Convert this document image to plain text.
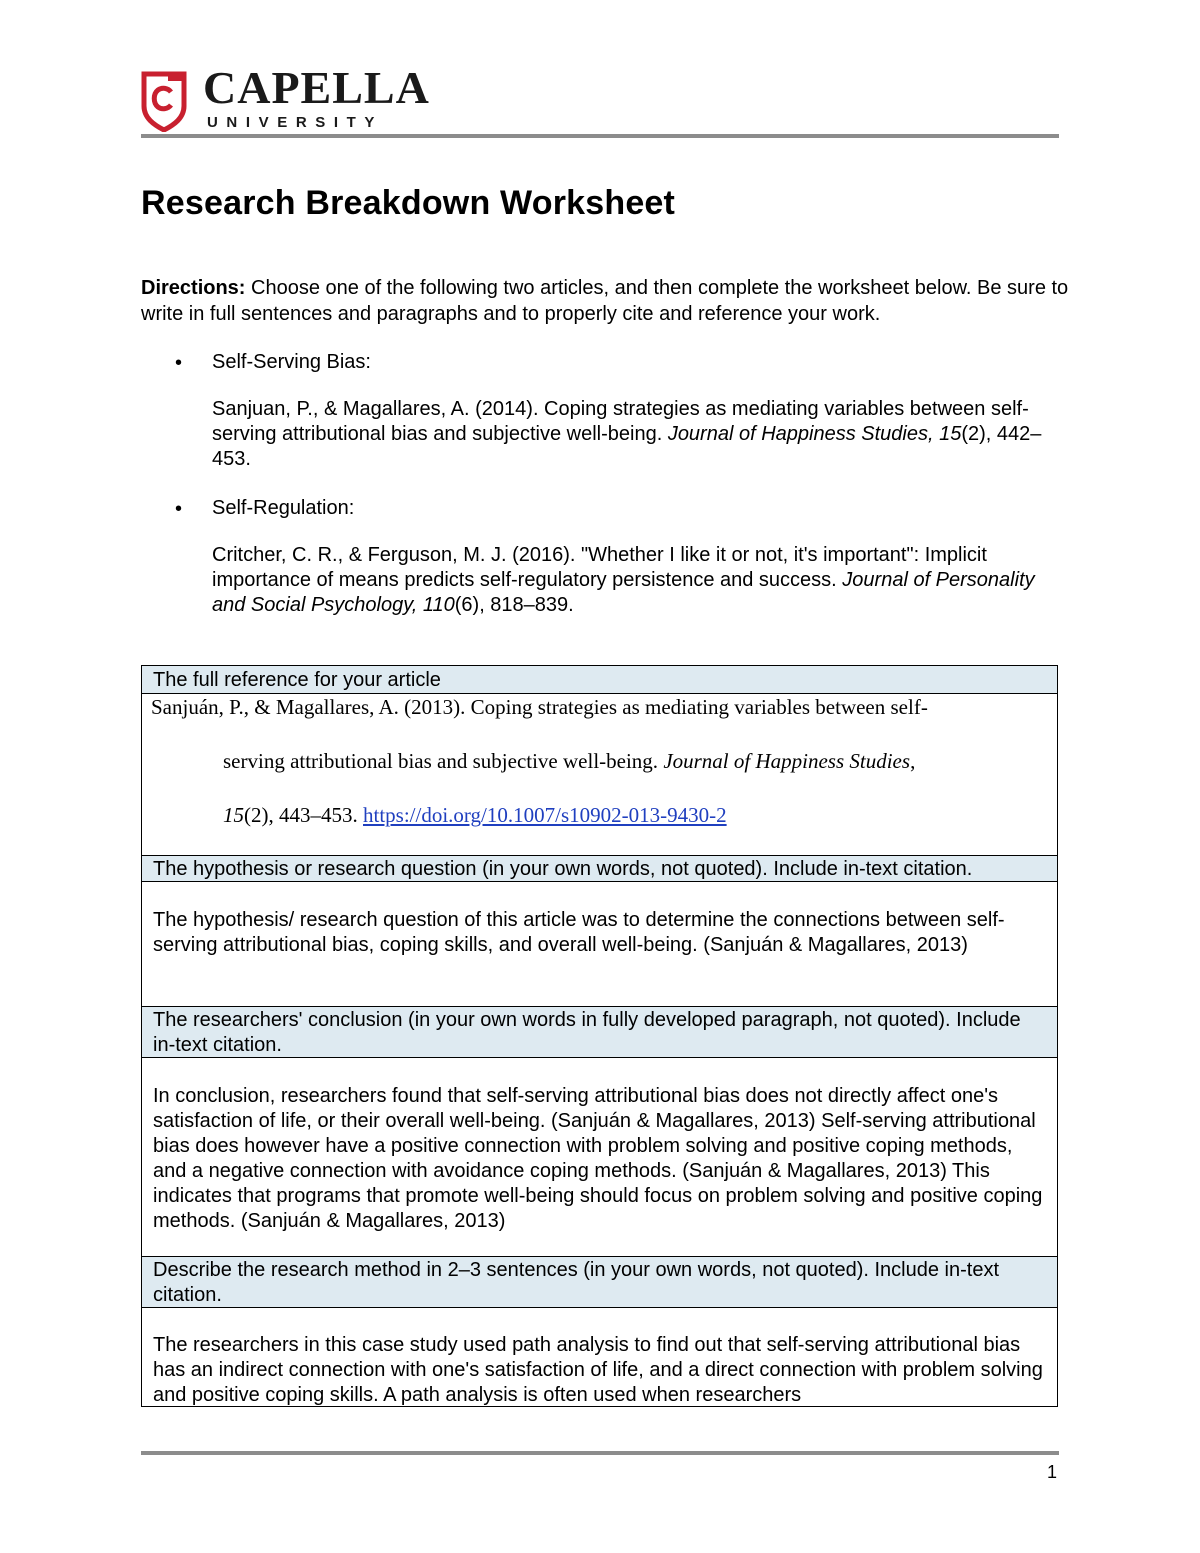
CAPELLA
UNIVERSITY
Research Breakdown Worksheet
Directions: Choose one of the following two articles, and then complete the worksheet below. Be sure to write in full sentences and paragraphs and to properly cite and reference your work.
• Self-Serving Bias:
Sanjuan, P., & Magallares, A. (2014). Coping strategies as mediating variables between self-serving attributional bias and subjective well-being. Journal of Happiness Studies, 15(2), 442–453.
• Self-Regulation:
Critcher, C. R., & Ferguson, M. J. (2016). "Whether I like it or not, it's important": Implicit importance of means predicts self-regulatory persistence and success. Journal of Personality and Social Psychology, 110(6), 818–839.
The full reference for your article
Sanjuán, P., & Magallares, A. (2013). Coping strategies as mediating variables between self-
serving attributional bias and subjective well-being. Journal of Happiness Studies,
15(2), 443–453. https://doi.org/10.1007/s10902-013-9430-2
The hypothesis or research question (in your own words, not quoted). Include in-text citation.
The hypothesis/ research question of this article was to determine the connections between self-serving attributional bias, coping skills, and overall well-being. (Sanjuán & Magallares, 2013)
The researchers' conclusion (in your own words in fully developed paragraph, not quoted). Include in-text citation.
In conclusion, researchers found that self-serving attributional bias does not directly affect one's satisfaction of life, or their overall well-being. (Sanjuán & Magallares, 2013) Self-serving attributional bias does however have a positive connection with problem solving and positive coping methods, and a negative connection with avoidance coping methods. (Sanjuán & Magallares, 2013) This indicates that programs that promote well-being should focus on problem solving and positive coping methods. (Sanjuán & Magallares, 2013)
Describe the research method in 2–3 sentences (in your own words, not quoted). Include in-text citation.
The researchers in this case study used path analysis to find out that self-serving attributional bias has an indirect connection with one's satisfaction of life, and a direct connection with problem solving and positive coping skills. A path analysis is often used when researchers
1
